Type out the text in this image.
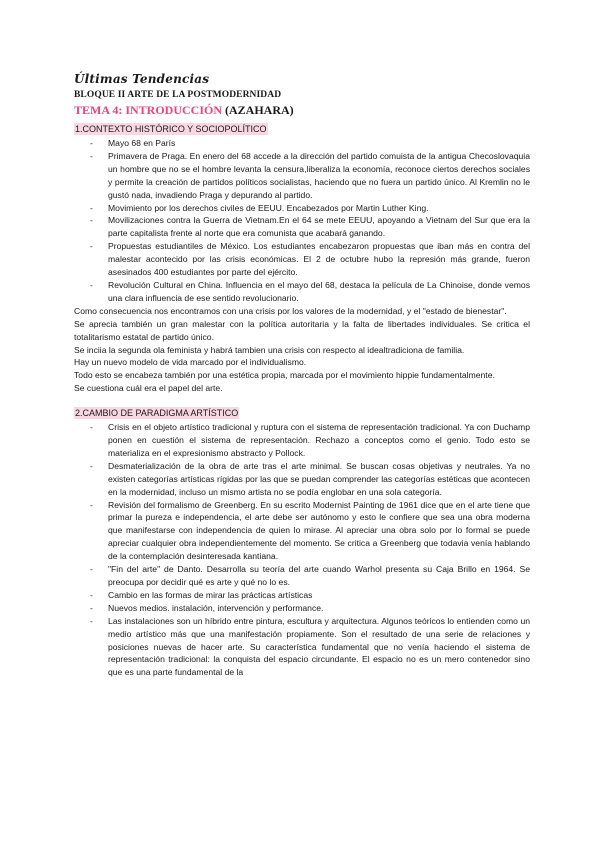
Últimas Tendencias

BLOQUE II ARTE DE LA POSTMODERNIDAD

TEMA 4: INTRODUCCIÓN (AZAHARA)

1.CONTEXTO HISTÓRICO Y SOCIOPOLÍTICO

- Mayo 68 en París
- Primavera de Praga. En enero del 68 accede a la dirección del partido comuista de la antigua Checoslovaquia un hombre que no se el hombre levanta la censura,liberaliza la economía, reconoce ciertos derechos sociales y permite la creación de partidos políticos socialistas, haciendo que no fuera un partido único. Al Kremlin no le gustó nada, invadiendo Praga y depurando al partido.
- Movimiento por los derechos civiles de EEUU. Encabezados por Martin Luther King.
- Movilizaciones contra la Guerra de Vietnam.En el 64 se mete EEUU, apoyando a Vietnam del Sur que era la parte capitalista frente al norte que era comunista que acabará ganando.
- Propuestas estudiantiles de México. Los estudiantes encabezaron propuestas que iban más en contra del malestar acontecido por las crisis económicas. El 2 de octubre hubo la represión más grande, fueron asesinados 400 estudiantes por parte del ejército.
- Revolución Cultural en China. Influencia en el mayo del 68, destaca la película de La Chinoise, donde vemos una clara influencia de ese sentido revolucionario.

Como consecuencia nos encontramos con una crisis por los valores de la modernidad, y el "estado de bienestar".

Se aprecia también un gran malestar con la política autoritaria y la falta de libertades individuales. Se critica el totalitarismo estatal de partido único.

Se inciia la segunda ola feminista y habrá tambien una crisis con respecto al idealtradiciona de familia.

Hay un nuevo modelo de vida marcado por el individualismo.

Todo esto se encabeza también por una estética propia, marcada por el movimiento hippie fundamentalmente.

Se cuestiona cuál era el papel del arte.

2.CAMBIO DE PARADIGMA ARTÍSTICO

- Crisis en el objeto artístico tradicional y ruptura con el sistema de representación tradicional. Ya con Duchamp ponen en cuestión el sistema de representación. Rechazo a conceptos como el genio. Todo esto se materializa en el expresionismo abstracto y Pollock.
- Desmaterialización de la obra de arte tras el arte minimal. Se buscan cosas objetivas y neutrales. Ya no existen categorías artísticas rígidas por las que se puedan comprender las categorías estéticas que acontecen en la modernidad, incluso un mismo artista no se podía englobar en una sola categoría.
- Revisión del formalismo de Greenberg. En su escrito Modernist Painting de 1961 dice que en el arte tiene que primar la pureza e independencia, el arte debe ser autónomo y esto le confiere que sea una obra moderna que manifestarse con independencia de quien lo mirase. Al apreciar una obra solo por lo formal se puede apreciar cualquier obra independientemente del momento. Se critica a Greenberg que todavia venía hablando de la contemplación desinteresada kantiana.
- "Fin del arte" de Danto. Desarrolla su teoría del arte cuando Warhol presenta su Caja Brillo en 1964. Se preocupa por decidir qué es arte y qué no lo es.
- Cambio en las formas de mirar las prácticas artísticas
- Nuevos medios. instalación, intervención y performance.
- Las instalaciones son un híbrido entre pintura, escultura y arquitectura. Algunos teóricos lo entienden como un medio artístico más que una manifestación propiamente. Son el resultado de una serie de relaciones y posiciones nuevas de hacer arte. Su característica fundamental que no venía haciendo el sistema de representación tradicional: la conquista del espacio circundante. El espacio no es un mero contenedor sino que es una parte fundamental de la
